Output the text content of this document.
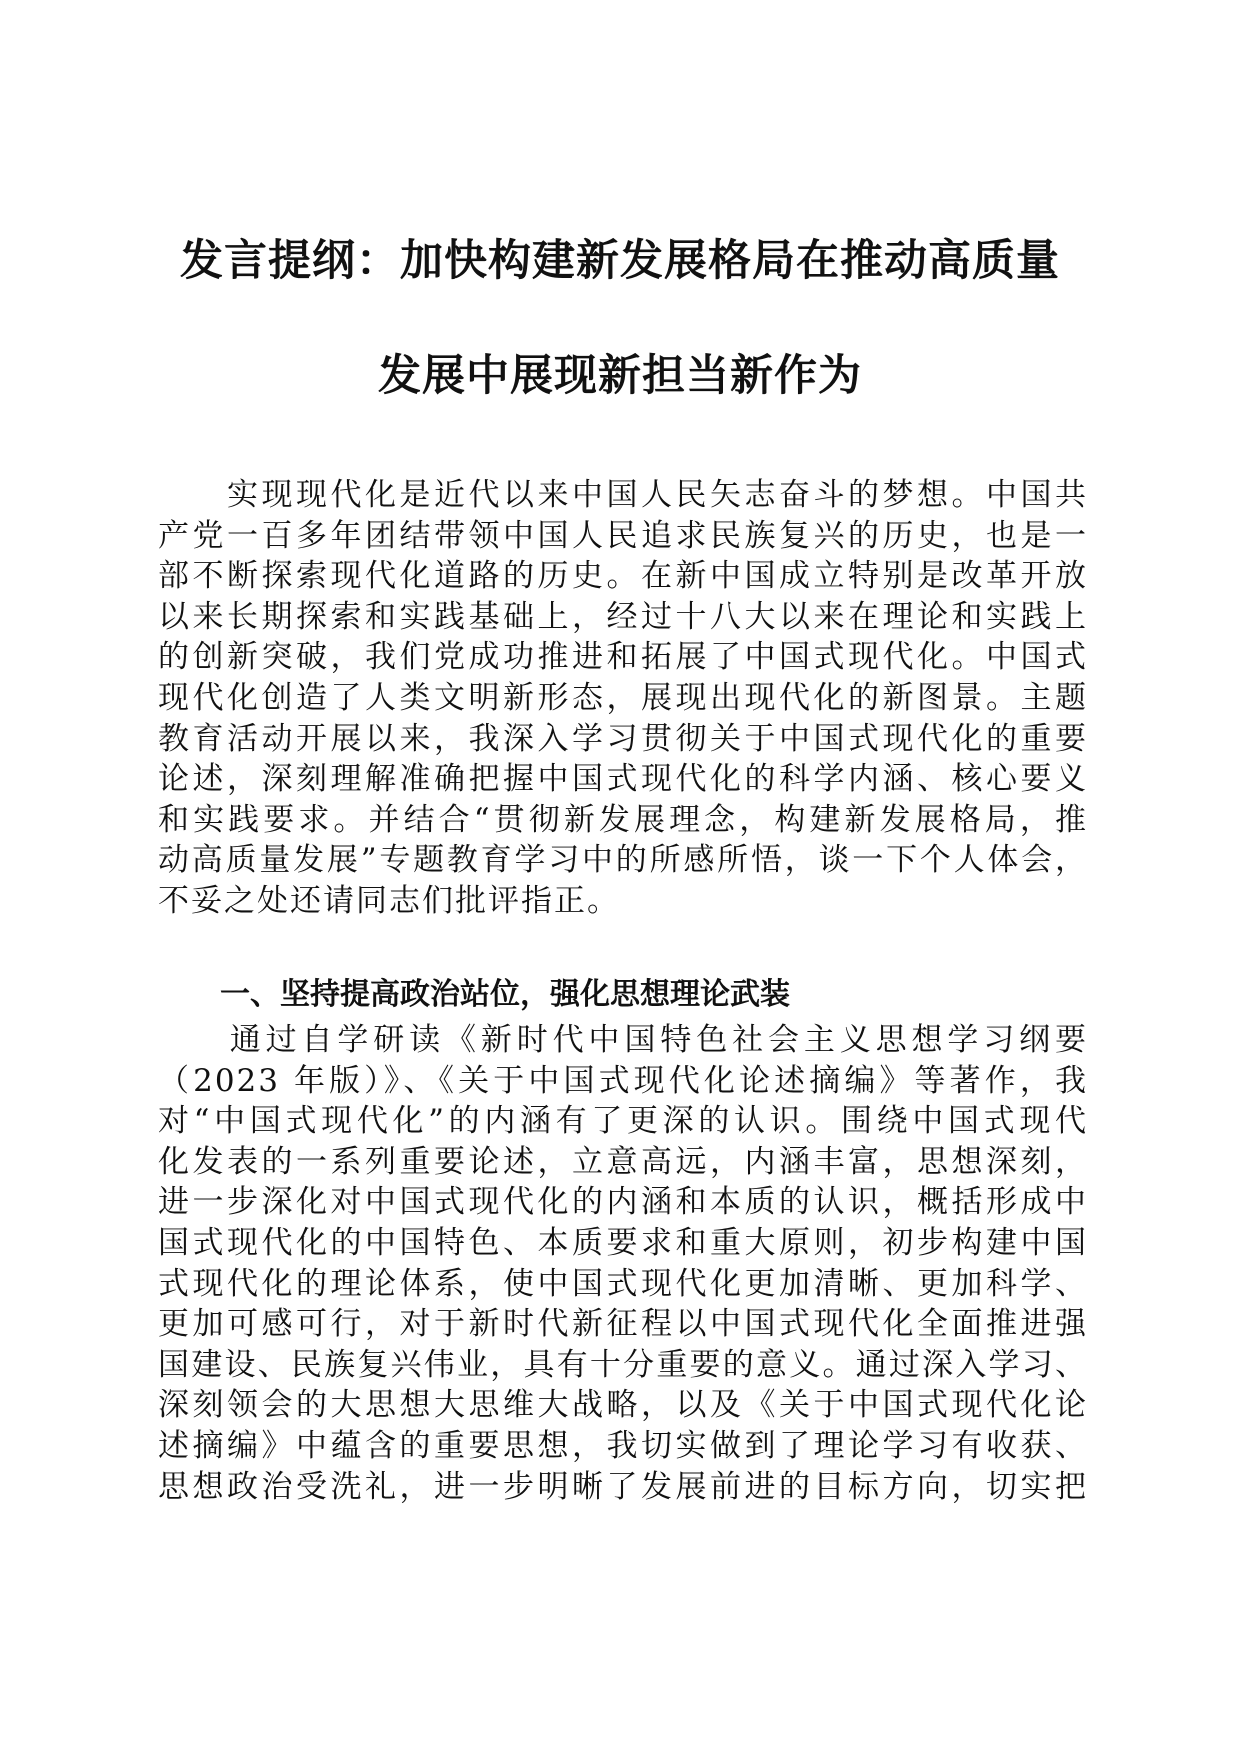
发言提纲：加快构建新发展格局在推动高质量
发展中展现新担当新作为
　　实现现代化是近代以来中国人民矢志奋斗的梦想。中国共
产党一百多年团结带领中国人民追求民族复兴的历史，也是一
部不断探索现代化道路的历史。在新中国成立特别是改革开放
以来长期探索和实践基础上，经过十八大以来在理论和实践上
的创新突破，我们党成功推进和拓展了中国式现代化。中国式
现代化创造了人类文明新形态，展现出现代化的新图景。主题
教育活动开展以来，我深入学习贯彻关于中国式现代化的重要
论述，深刻理解准确把握中国式现代化的科学内涵、核心要义
和实践要求。并结合“贯彻新发展理念，构建新发展格局，推
动高质量发展”专题教育学习中的所感所悟，谈一下个人体会，
不妥之处还请同志们批评指正。
一、坚持提高政治站位，强化思想理论武装
　　通过自学研读《新时代中国特色社会主义思想学习纲要
（2023 年版）》、《关于中国式现代化论述摘编》等著作，我
对“中国式现代化”的内涵有了更深的认识。围绕中国式现代
化发表的一系列重要论述，立意高远，内涵丰富，思想深刻，
进一步深化对中国式现代化的内涵和本质的认识，概括形成中
国式现代化的中国特色、本质要求和重大原则，初步构建中国
式现代化的理论体系，使中国式现代化更加清晰、更加科学、
更加可感可行，对于新时代新征程以中国式现代化全面推进强
国建设、民族复兴伟业，具有十分重要的意义。通过深入学习、
深刻领会的大思想大思维大战略，以及《关于中国式现代化论
述摘编》中蕴含的重要思想，我切实做到了理论学习有收获、
思想政治受洗礼，进一步明晰了发展前进的目标方向，切实把
